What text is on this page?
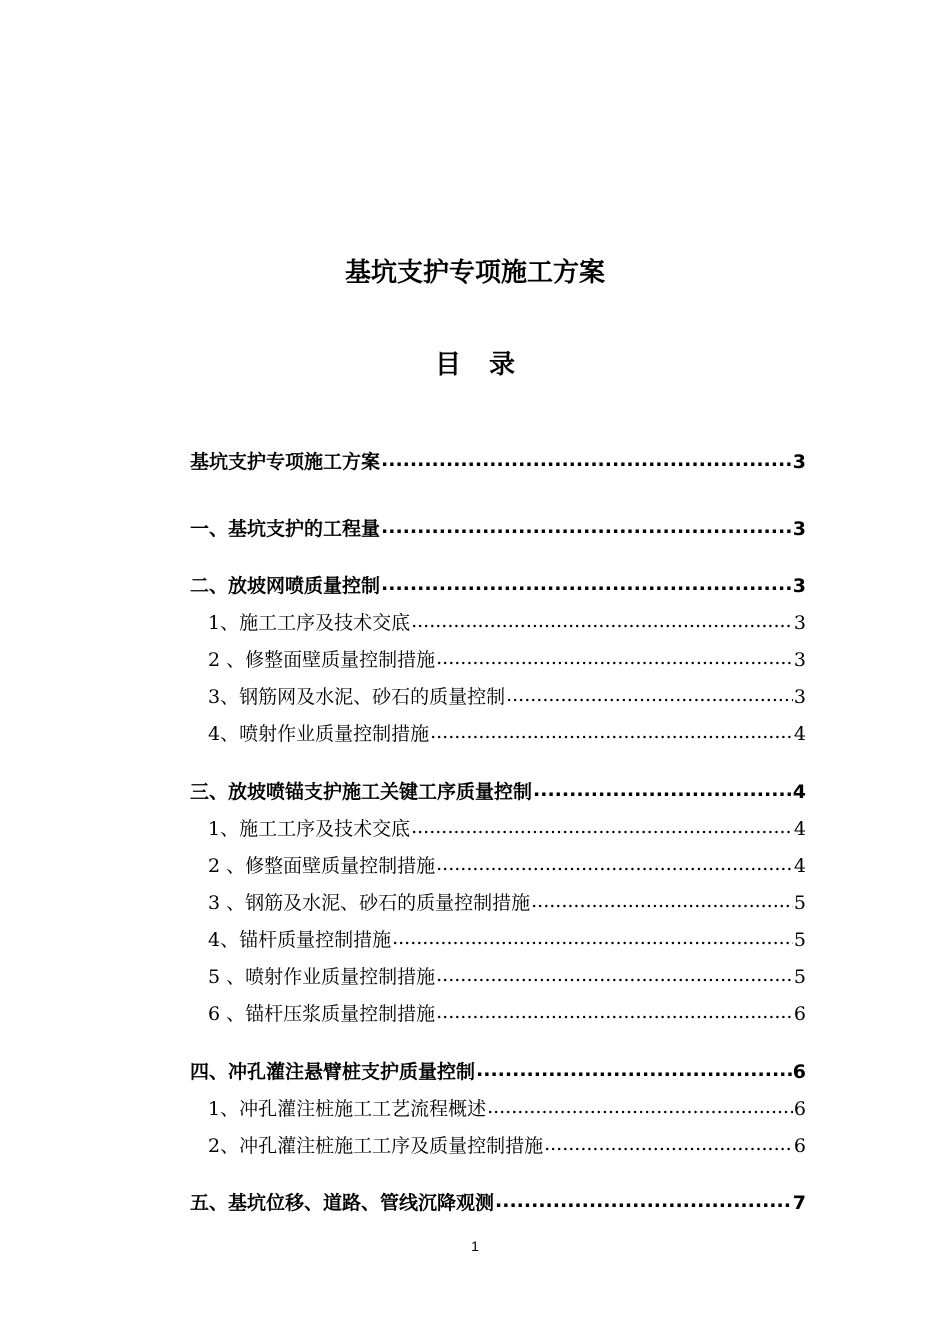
基坑支护专项施工方案
目录
基坑支护专项施工方案 .....	3
一、基坑支护的工程量 .....	3
二、放坡网喷质量控制 .....	3
1、施工工序及技术交底 .....	3
2 、修整面壁质量控制措施 .....	3
3、钢筋网及水泥、砂石的质量控制 .....	3
4、喷射作业质量控制措施 .....	4
三、放坡喷锚支护施工关键工序质量控制 .....	4
1、施工工序及技术交底 .....	4
2 、修整面壁质量控制措施 .....	4
3 、钢筋及水泥、砂石的质量控制措施 .....	5
4、锚杆质量控制措施 .....	5
5 、喷射作业质量控制措施 .....	5
6 、锚杆压浆质量控制措施 .....	6
四、冲孔灌注悬臂桩支护质量控制 .....	6
1、冲孔灌注桩施工工艺流程概述 .....	6
2、冲孔灌注桩施工工序及质量控制措施 .....	6
五、基坑位移、道路、管线沉降观测 .....	7
1
